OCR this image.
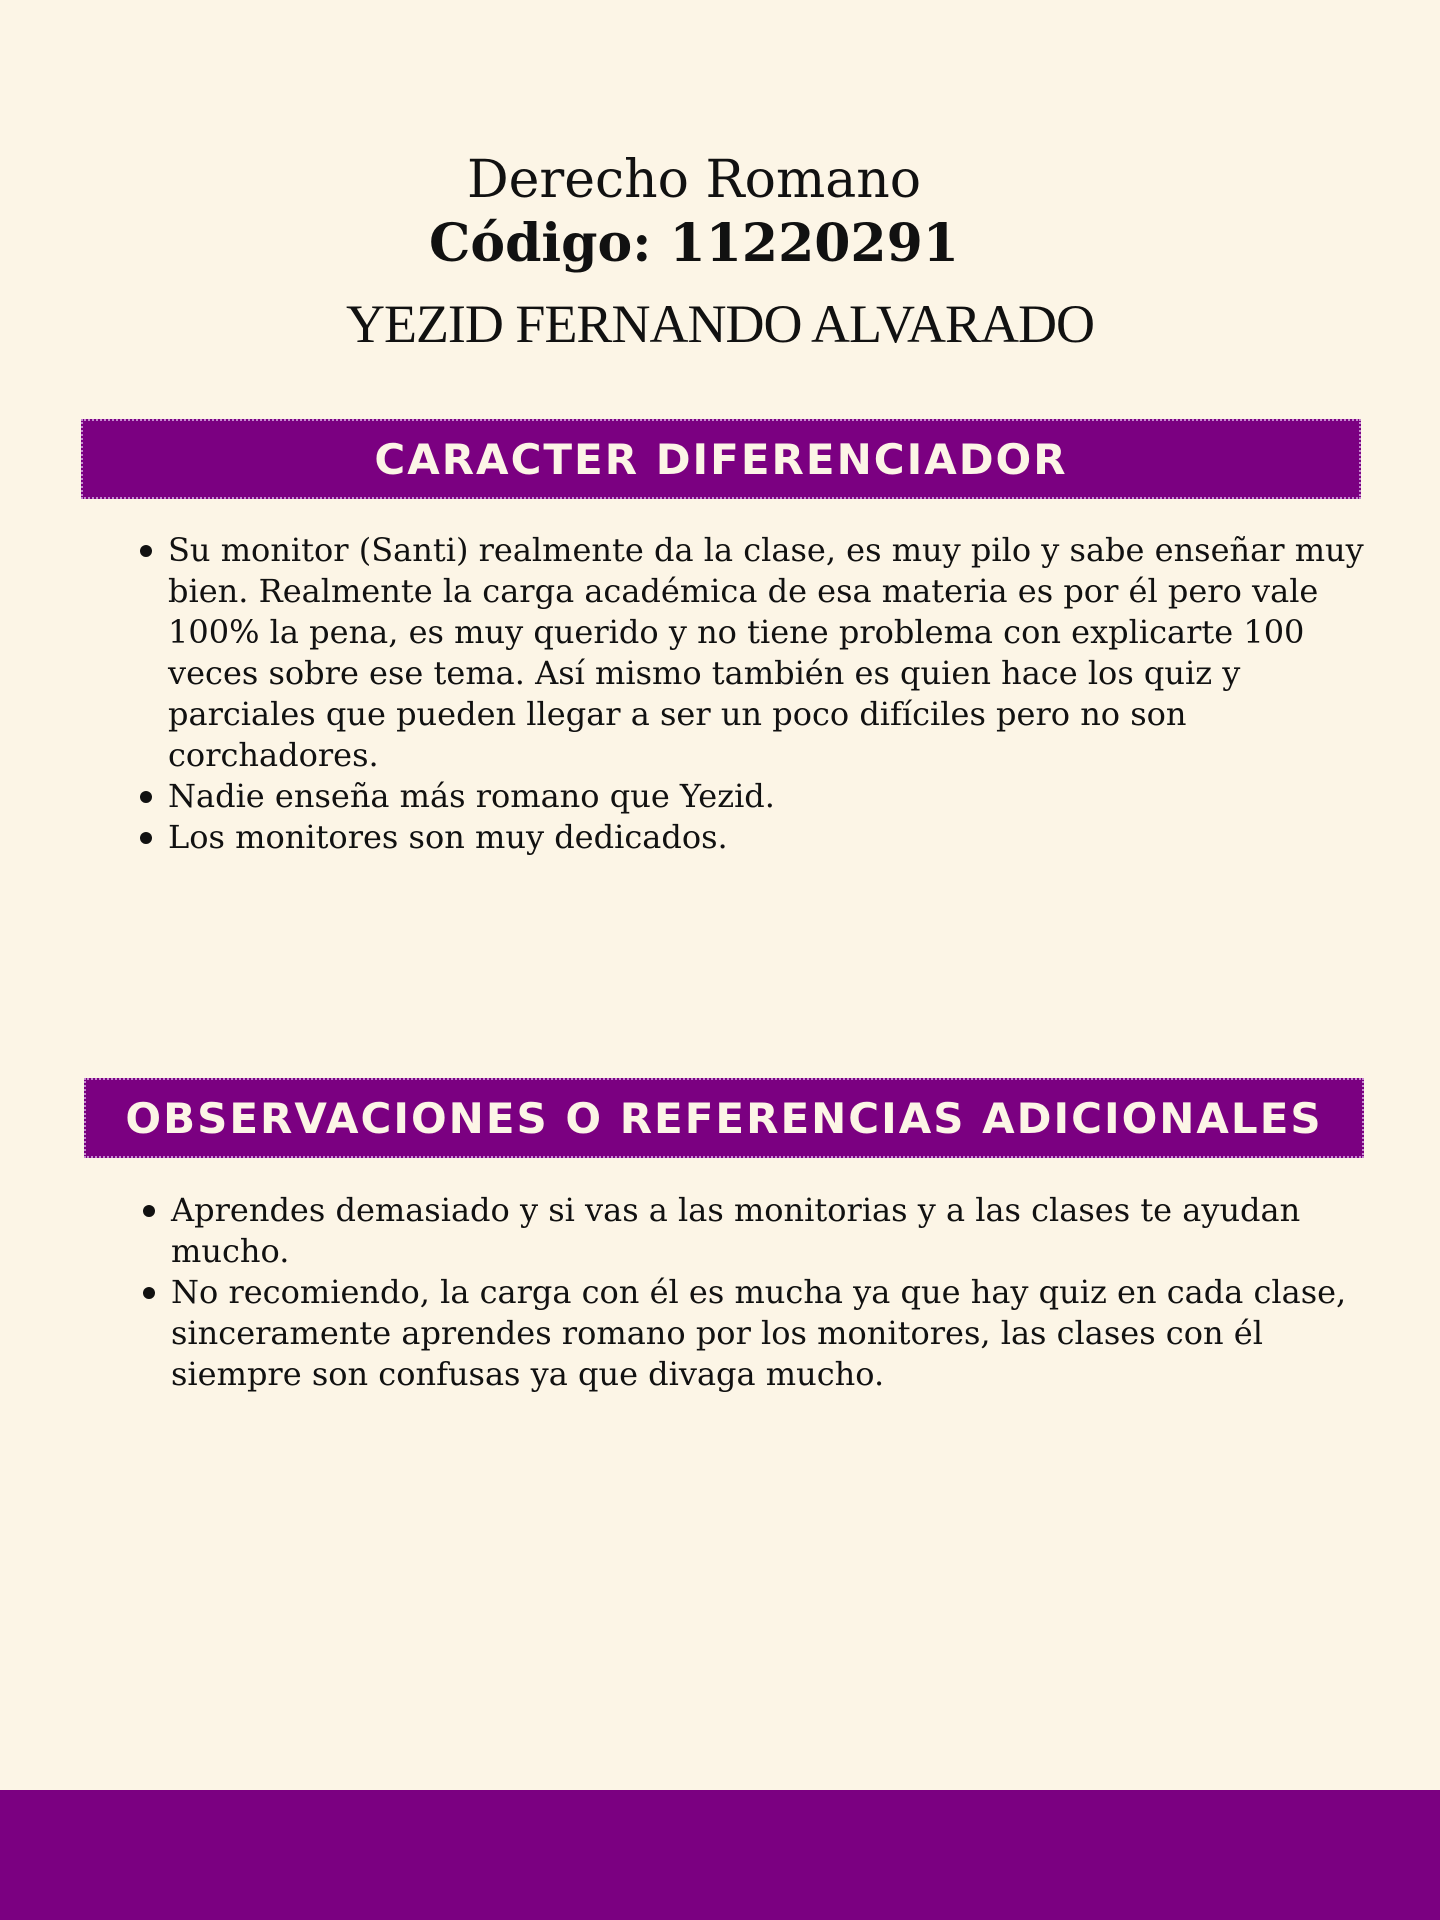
Derecho Romano
Código: 11220291
YEZID FERNANDO ALVARADO
CARACTER DIFERENCIADOR
Su monitor (Santi) realmente da la clase, es muy pilo y sabe enseñar muy bien. Realmente la carga académica de esa materia es por él pero vale 100% la pena, es muy querido y no tiene problema con explicarte 100 veces sobre ese tema. Así mismo también es quien hace los quiz y parciales que pueden llegar a ser un poco difíciles pero no son corchadores.
Nadie enseña más romano que Yezid.
Los monitores son muy dedicados.
OBSERVACIONES O REFERENCIAS ADICIONALES
Aprendes demasiado y si vas a las monitorias y a las clases te ayudan mucho.
No recomiendo, la carga con él es mucha ya que hay quiz en cada clase, sinceramente aprendes romano por los monitores, las clases con él siempre son confusas ya que divaga mucho.
